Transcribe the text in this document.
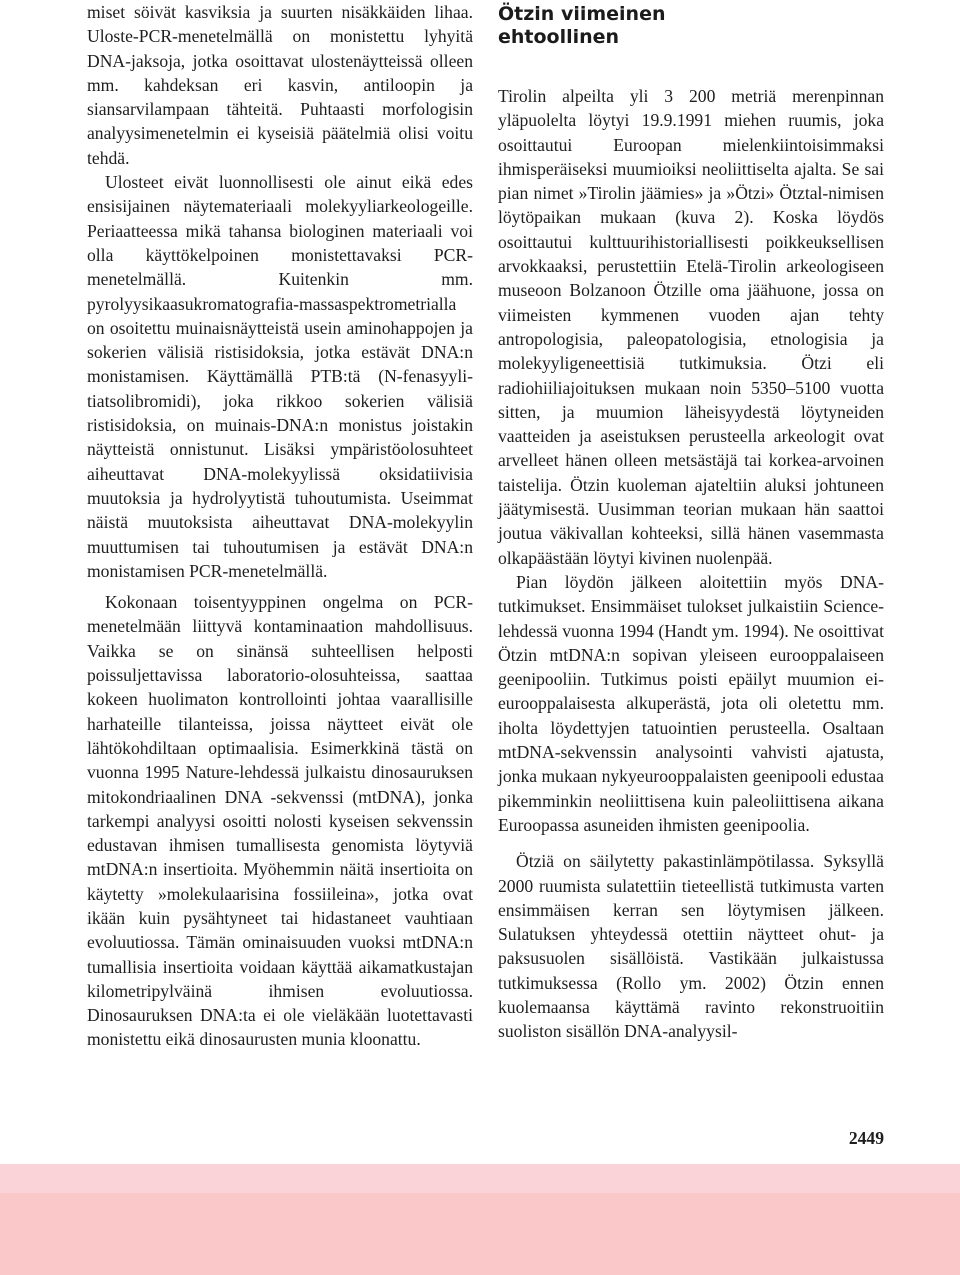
miset söivät kasviksia ja suurten nisäkkäiden lihaa. Uloste-PCR-menetelmällä on monistettu lyhyitä DNA-jaksoja, jotka osoittavat ulostenäytteissä olleen mm. kahdeksan eri kasvin, antiloopin ja siansarvilampaan tähteitä. Puhtaasti morfologisin analyysimenetelmin ei kyseisiä päätelmiä olisi voitu tehdä.

Ulosteet eivät luonnollisesti ole ainut eikä edes ensisijainen näytemateriaali molekyyliarkeologeille. Periaatteessa mikä tahansa biologinen materiaali voi olla käyttökelpoinen monistettavaksi PCR-menetelmällä. Kuitenkin mm. pyrolyysikaasukromatografia-massaspektrometrialla on osoitettu muinaisnäytteistä usein aminohappojen ja sokerien välisiä ristisidoksia, jotka estävät DNA:n monistamisen. Käyttämällä PTB:tä (N-fenasyyli-tiatsolibromidi), joka rikkoo sokerien välisiä ristisidoksia, on muinais-DNA:n monistus joistakin näytteistä onnistunut. Lisäksi ympäristöolosuhteet aiheuttavat DNA-molekyylissä oksidatiivisia muutoksia ja hydrolyytistä tuhoutumista. Useimmat näistä muutoksista aiheuttavat DNA-molekyylin muuttumisen tai tuhoutumisen ja estävät DNA:n monistamisen PCR-menetelmällä.

Kokonaan toisentyyppinen ongelma on PCR-menetelmään liittyvä kontaminaation mahdollisuus. Vaikka se on sinänsä suhteellisen helposti poissuljettavissa laboratorio-olosuhteissa, saattaa kokeen huolimaton kontrollointi johtaa vaarallisille harhateille tilanteissa, joissa näytteet eivät ole lähtökohdiltaan optimaalisia. Esimerkkinä tästä on vuonna 1995 Nature-lehdessä julkaistu dinosauruksen mitokondriaalinen DNA -sekvenssi (mtDNA), jonka tarkempi analyysi osoitti nolosti kyseisen sekvenssin edustavan ihmisen tumallisesta genomista löytyviä mtDNA:n insertioita. Myöhemmin näitä insertioita on käytetty »molekulaarisina fossiileina», jotka ovat ikään kuin pysähtyneet tai hidastaneet vauhtiaan evoluutiossa. Tämän ominaisuuden vuoksi mtDNA:n tumallisia insertioita voidaan käyttää aikamatkustajan kilometripylväinä ihmisen evoluutiossa. Dinosauruksen DNA:ta ei ole vieläkään luotettavasti monistettu eikä dinosaurusten munia kloonattu.

Ötzin viimeinen ehtoollinen

Tirolin alpeilta yli 3 200 metriä merenpinnan yläpuolelta löytyi 19.9.1991 miehen ruumis, joka osoittautui Euroopan mielenkiintoisimmaksi ihmisperäiseksi muumioiksi neoliittiselta ajalta. Se sai pian nimet »Tirolin jäämies» ja »Ötzi» Ötztal-nimisen löytöpaikan mukaan (kuva 2). Koska löydös osoittautui kulttuurihistoriallisesti poikkeuksellisen arvokkaaksi, perustettiin Etelä-Tirolin arkeologiseen museoon Bolzanoon Ötzille oma jäähuone, jossa on viimeisten kymmenen vuoden ajan tehty antropologisia, paleopatologisia, etnologisia ja molekyyligeneettisiä tutkimuksia. Ötzi eli radiohiiliajoituksen mukaan noin 5350–5100 vuotta sitten, ja muumion läheisyydestä löytyneiden vaatteiden ja aseistuksen perusteella arkeologit ovat arvelleet hänen olleen metsästäjä tai korkea-arvoinen taistelija. Ötzin kuoleman ajateltiin aluksi johtuneen jäätymisestä. Uusimman teorian mukaan hän saattoi joutua väkivallan kohteeksi, sillä hänen vasemmasta olkapäästään löytyi kivinen nuolenpää.

Pian löydön jälkeen aloitettiin myös DNA-tutkimukset. Ensimmäiset tulokset julkaistiin Science-lehdessä vuonna 1994 (Handt ym. 1994). Ne osoittivat Ötzin mtDNA:n sopivan yleiseen eurooppalaiseen geenipooliin. Tutkimus poisti epäilyt muumion ei-eurooppalaisesta alkuperästä, jota oli oletettu mm. iholta löydettyjen tatuointien perusteella. Osaltaan mtDNA-sekvenssin analysointi vahvisti ajatusta, jonka mukaan nykyeurooppalaisten geenipooli edustaa pikemminkin neoliittisena kuin paleoliittisena aikana Euroopassa asuneiden ihmisten geenipoolia.

Ötziä on säilytetty pakastinlämpötilassa. Syksyllä 2000 ruumista sulatettiin tieteellistä tutkimusta varten ensimmäisen kerran sen löytymisen jälkeen. Sulatuksen yhteydessä otettiin näytteet ohut- ja paksusuolen sisällöistä. Vastikään julkaistussa tutkimuksessa (Rollo ym. 2002) Ötzin ennen kuolemaansa käyttämä ravinto rekonstruoitiin suoliston sisällön DNA-analyysil-

2449
